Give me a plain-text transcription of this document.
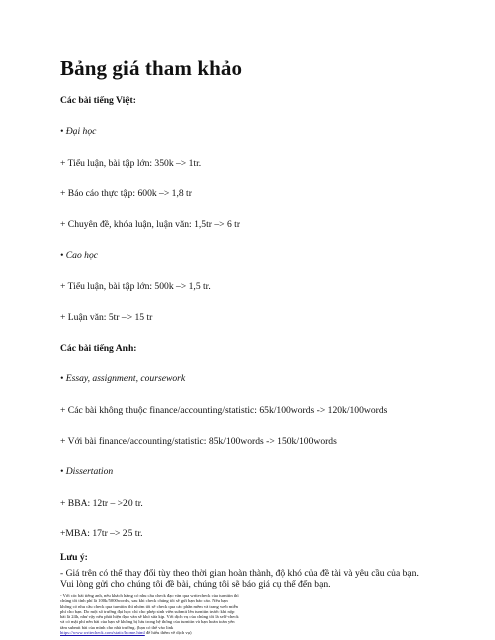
Bảng giá tham khảo
Các bài tiếng Việt:
• Đại học
+ Tiểu luận, bài tập lớn: 350k –> 1tr.
+ Báo cáo thực tập: 600k –> 1,8 tr
+ Chuyên đề, khóa luận, luận văn: 1,5tr –> 6 tr
• Cao học
+ Tiểu luận, bài tập lớn: 500k –> 1,5 tr.
+ Luận văn: 5tr –> 15 tr
Các bài tiếng Anh:
• Essay, assignment, coursework
+ Các bài không thuộc finance/accounting/statistic: 65k/100words -> 120k/100words
+ Với bài finance/accounting/statistic: 85k/100words -> 150k/100words
• Dissertation
+ BBA: 12tr – >20 tr.
+MBA: 17tr –> 25 tr.
Lưu ý:
- Giá trên có thể thay đổi tùy theo thời gian hoàn thành, độ khó của đề tài và yêu cầu của bạn.
Vui lòng gửi cho chúng tôi đề bài, chúng tôi sẽ báo giá cụ thể đến bạn.
- Với các bài tiếng anh, nếu khách hàng có nhu cầu check đạo văn qua writecheck của turnitin thì
chúng tôi tính phí là 100k/5000words, sau khi check chúng tôi sẽ gửi bạn báo cáo. Nếu bạn
không có nhu cầu check qua turnitin thì nhóm tôi sẽ check qua các phần mềm và trang web miễn
phí cho bạn. Do một số trường đại học chỉ cho phép sinh viên submit lên turnitin trước khi nộp
bài là 24h, như vậy nếu phát hiện đạo văn sẽ khó sửa kịp. Với dịch vụ của chúng tôi là self-check
và có mật phí nên bài của bạn sẽ không bị lưu trong hệ thống của turnitin và bạn hoàn toàn yên
tâm submit bài của mình cho nhà trường. (bạn có thể vào link
https://www.writecheck.com/static/home.html để hiểu thêm về dịch vụ)
